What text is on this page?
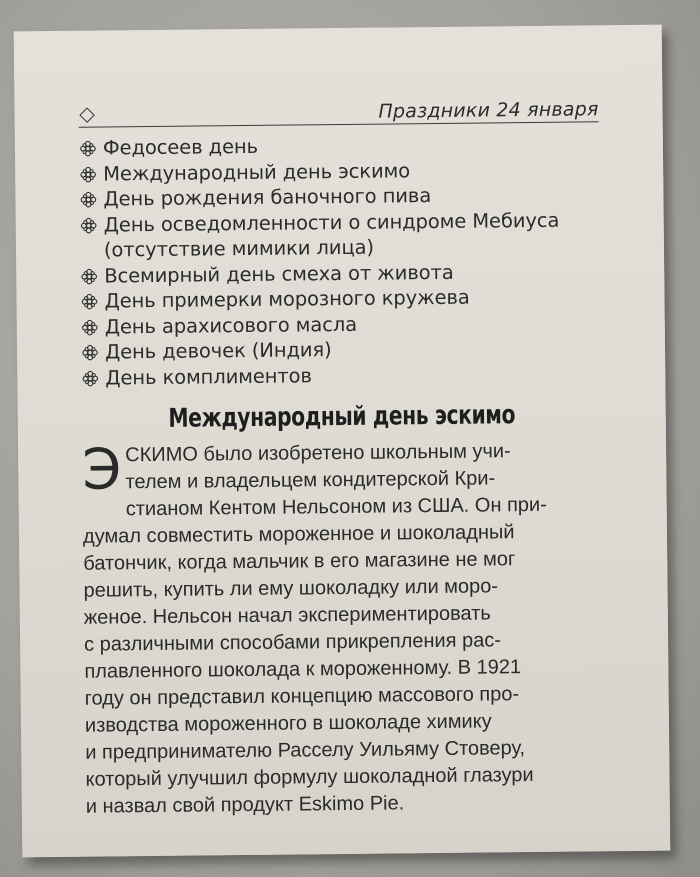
Праздники 24 января
Федосеев день
Международный день эскимо
День рождения баночного пива
День осведомленности о синдроме Мебиуса (отсутствие мимики лица)
Всемирный день смеха от живота
День примерки морозного кружева
День арахисового масла
День девочек (Индия)
День комплиментов
Международный день эскимо
Э СКИМО было изобретено школьным учи-
телем и владельцем кондитерской Кри-
стианом Кентом Нельсоном из США. Он при-
думал совместить мороженное и шоколадный
батончик, когда мальчик в его магазине не мог
решить, купить ли ему шоколадку или моро-
женое. Нельсон начал экспериментировать
с различными способами прикрепления рас-
плавленного шоколада к мороженному. В 1921
году он представил концепцию массового про-
изводства мороженного в шоколаде химику
и предпринимателю Расселу Уильяму Стоверу,
который улучшил формулу шоколадной глазури
и назвал свой продукт Eskimo Pie.
